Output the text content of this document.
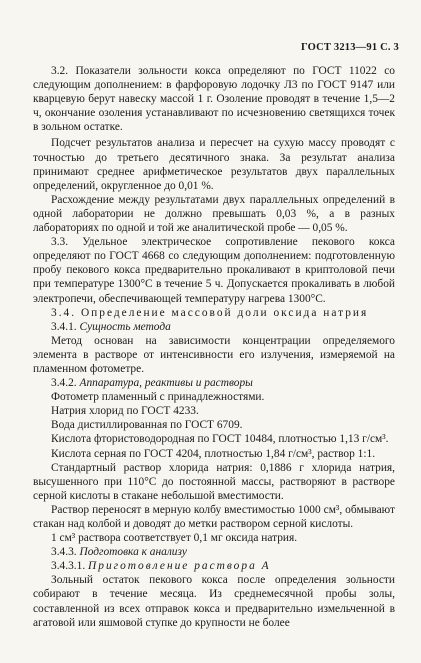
ГОСТ 3213—91 С. 3

3.2. Показатели зольности кокса определяют по ГОСТ 11022 со следующим дополнением: в фарфоровую лодочку Л3 по ГОСТ 9147 или кварцевую берут навеску массой 1 г. Озоление проводят в течение 1,5—2 ч, окончание озоления устанавливают по исчезновению светящихся точек в зольном остатке.

Подсчет результатов анализа и пересчет на сухую массу проводят с точностью до третьего десятичного знака. За результат анализа принимают среднее арифметическое результатов двух параллельных определений, округленное до 0,01 %.

Расхождение между результатами двух параллельных определений в одной лаборатории не должно превышать 0,03 %, а в разных лабораториях по одной и той же аналитической пробе — 0,05 %.

3.3. Удельное электрическое сопротивление пекового кокса определяют по ГОСТ 4668 со следующим дополнением: подготовленную пробу пекового кокса предварительно прокаливают в криптоловой печи при температуре 1300°С в течение 5 ч. Допускается прокаливать в любой электропечи, обеспечивающей температуру нагрева 1300°С.

3.4. Определение массовой доли оксида натрия

3.4.1. Сущность метода

Метод основан на зависимости концентрации определяемого элемента в растворе от интенсивности его излучения, измеряемой на пламенном фотометре.

3.4.2. Аппаратура, реактивы и растворы

Фотометр пламенный с принадлежностями.

Натрия хлорид по ГОСТ 4233.

Вода дистиллированная по ГОСТ 6709.

Кислота фтористоводородная по ГОСТ 10484, плотностью 1,13 г/см³.

Кислота серная по ГОСТ 4204, плотностью 1,84 г/см³, раствор 1:1.

Стандартный раствор хлорида натрия: 0,1886 г хлорида натрия, высушенного при 110°С до постоянной массы, растворяют в растворе серной кислоты в стакане небольшой вместимости.

Раствор переносят в мерную колбу вместимостью 1000 см³, обмывают стакан над колбой и доводят до метки раствором серной кислоты.

1 см³ раствора соответствует 0,1 мг оксида натрия.

3.4.3. Подготовка к анализу

3.4.3.1. Приготовление раствора А

Зольный остаток пекового кокса после определения зольности собирают в течение месяца. Из среднемесячной пробы золы, составленной из всех отправок кокса и предварительно измельченной в агатовой или яшмовой ступке до крупности не более
